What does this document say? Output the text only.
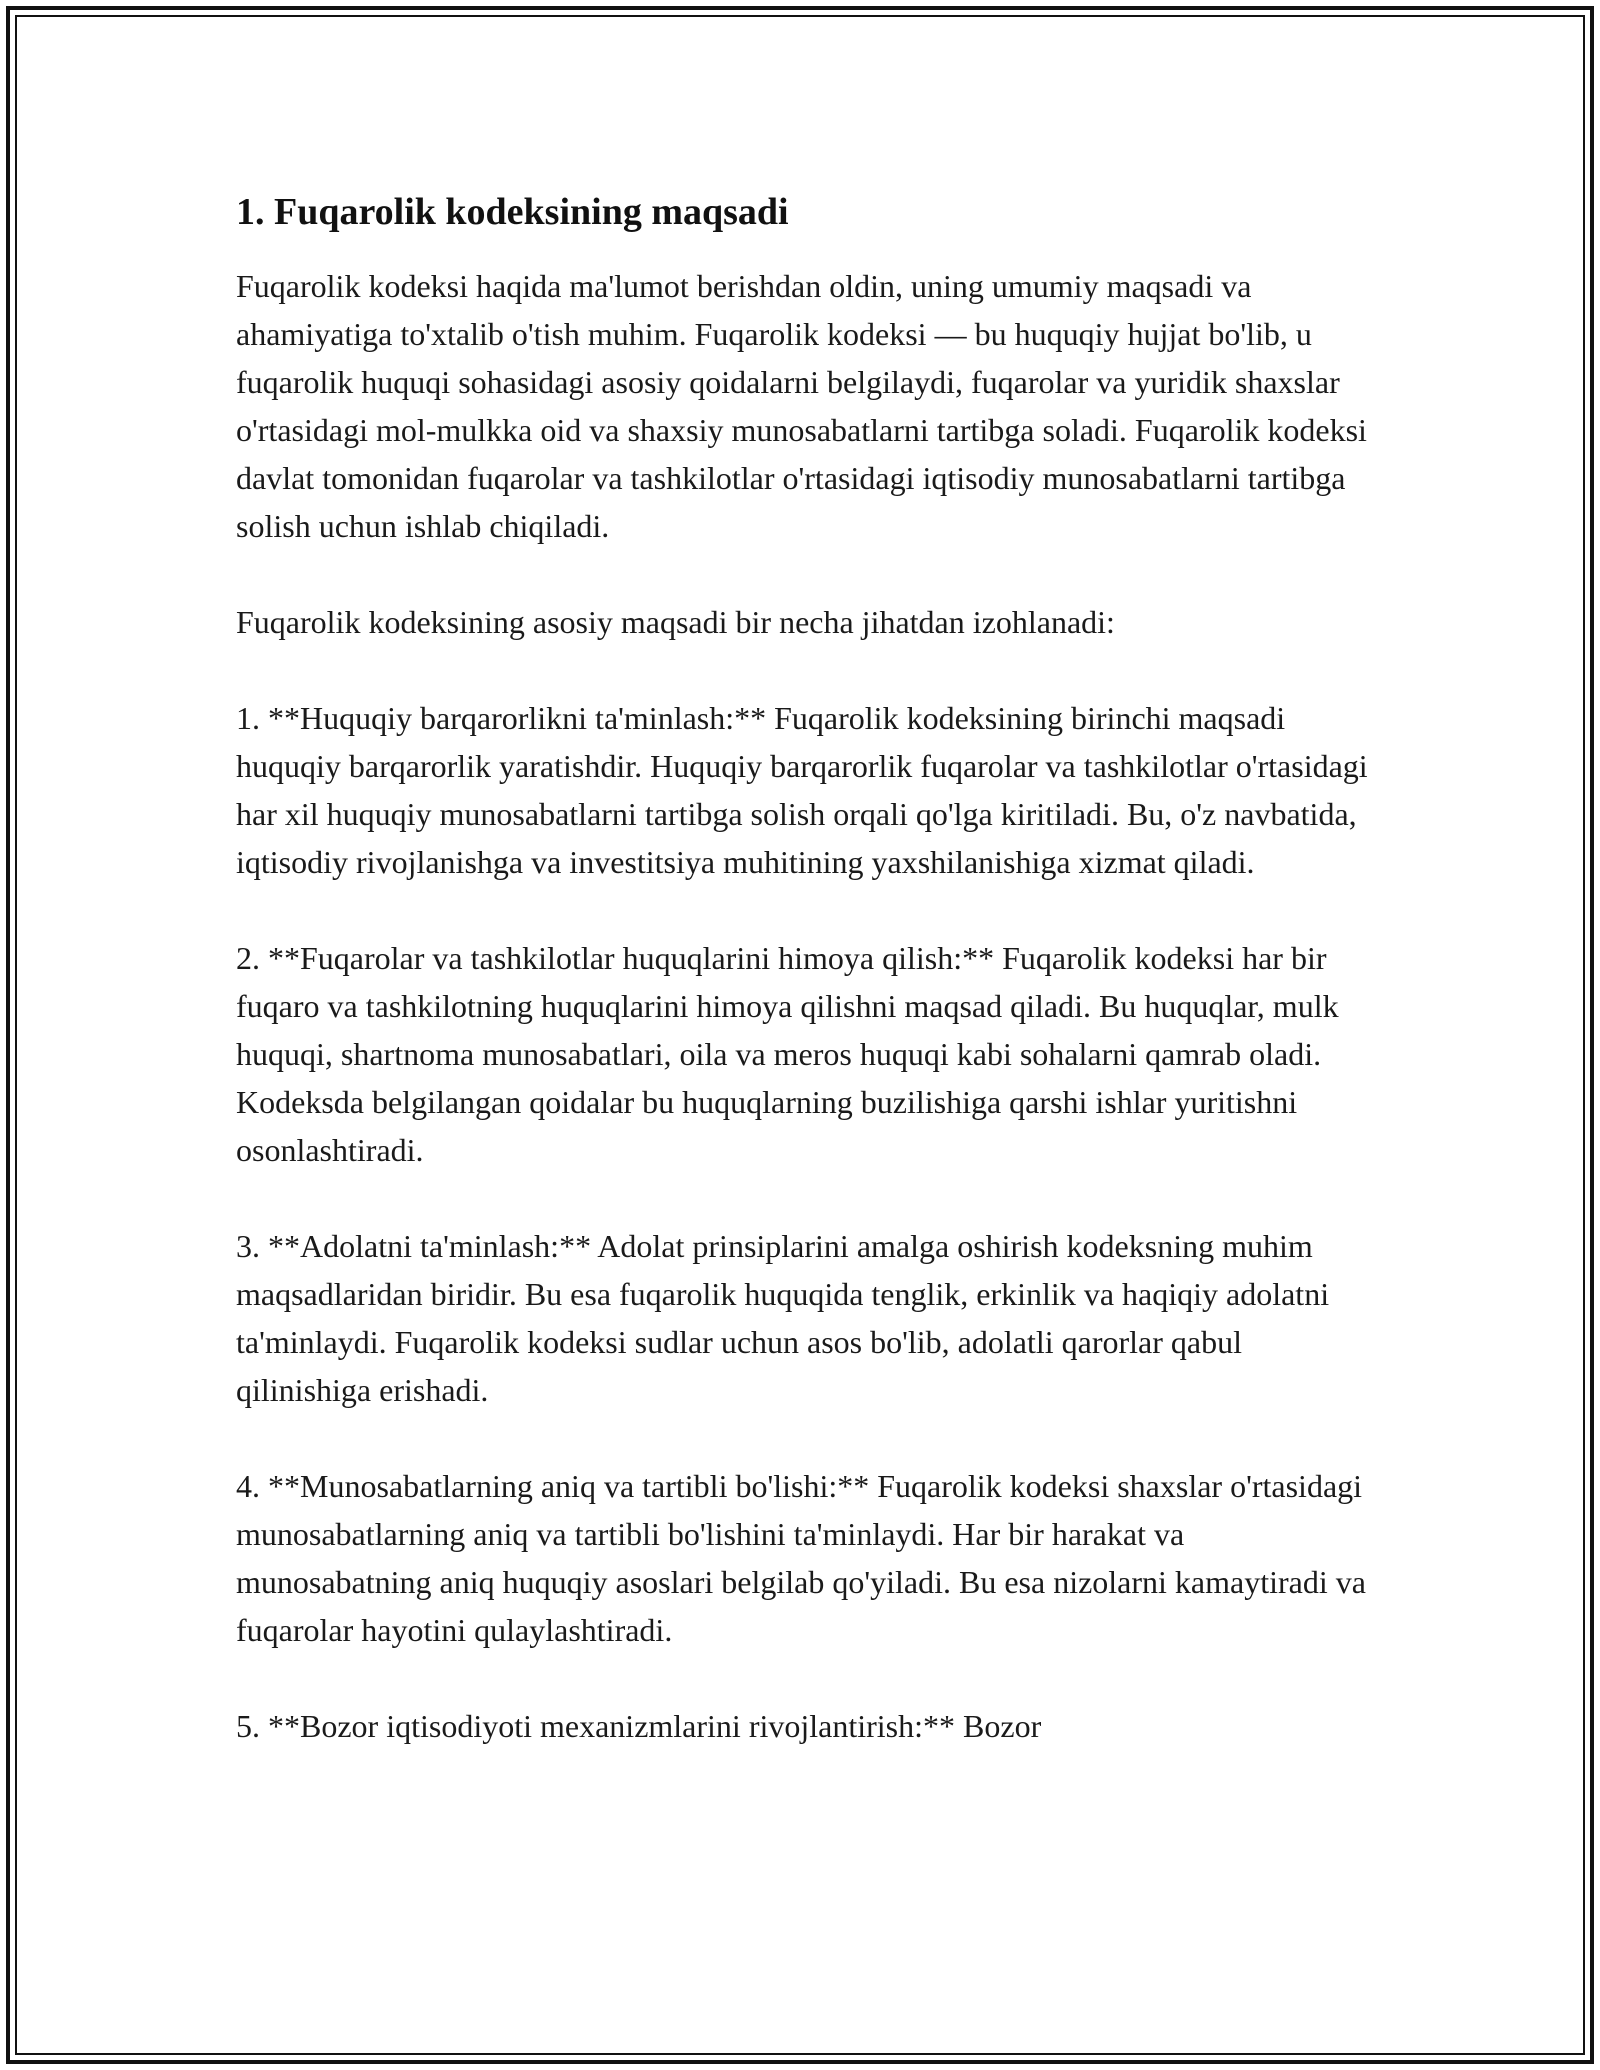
1. Fuqarolik kodeksining maqsadi

Fuqarolik kodeksi haqida ma'lumot berishdan oldin, uning umumiy maqsadi va ahamiyatiga to'xtalib o'tish muhim. Fuqarolik kodeksi — bu huquqiy hujjat bo'lib, u fuqarolik huquqi sohasidagi asosiy qoidalarni belgilaydi, fuqarolar va yuridik shaxslar o'rtasidagi mol-mulkka oid va shaxsiy munosabatlarni tartibga soladi. Fuqarolik kodeksi davlat tomonidan fuqarolar va tashkilotlar o'rtasidagi iqtisodiy munosabatlarni tartibga solish uchun ishlab chiqiladi.

Fuqarolik kodeksining asosiy maqsadi bir necha jihatdan izohlanadi:

1. **Huquqiy barqarorlikni ta'minlash:** Fuqarolik kodeksining birinchi maqsadi huquqiy barqarorlik yaratishdir. Huquqiy barqarorlik fuqarolar va tashkilotlar o'rtasidagi har xil huquqiy munosabatlarni tartibga solish orqali qo'lga kiritiladi. Bu, o'z navbatida, iqtisodiy rivojlanishga va investitsiya muhitining yaxshilanishiga xizmat qiladi.

2. **Fuqarolar va tashkilotlar huquqlarini himoya qilish:** Fuqarolik kodeksi har bir fuqaro va tashkilotning huquqlarini himoya qilishni maqsad qiladi. Bu huquqlar, mulk huquqi, shartnoma munosabatlari, oila va meros huquqi kabi sohalarni qamrab oladi. Kodeksda belgilangan qoidalar bu huquqlarning buzilishiga qarshi ishlar yuritishni osonlashtiradi.

3. **Adolatni ta'minlash:** Adolat prinsiplarini amalga oshirish kodeksning muhim maqsadlaridan biridir. Bu esa fuqarolik huquqida tenglik, erkinlik va haqiqiy adolatni ta'minlaydi. Fuqarolik kodeksi sudlar uchun asos bo'lib, adolatli qarorlar qabul qilinishiga erishadi.

4. **Munosabatlarning aniq va tartibli bo'lishi:** Fuqarolik kodeksi shaxslar o'rtasidagi munosabatlarning aniq va tartibli bo'lishini ta'minlaydi. Har bir harakat va munosabatning aniq huquqiy asoslari belgilab qo'yiladi. Bu esa nizolarni kamaytiradi va fuqarolar hayotini qulaylashtiradi.

5. **Bozor iqtisodiyoti mexanizmlarini rivojlantirish:** Bozor
